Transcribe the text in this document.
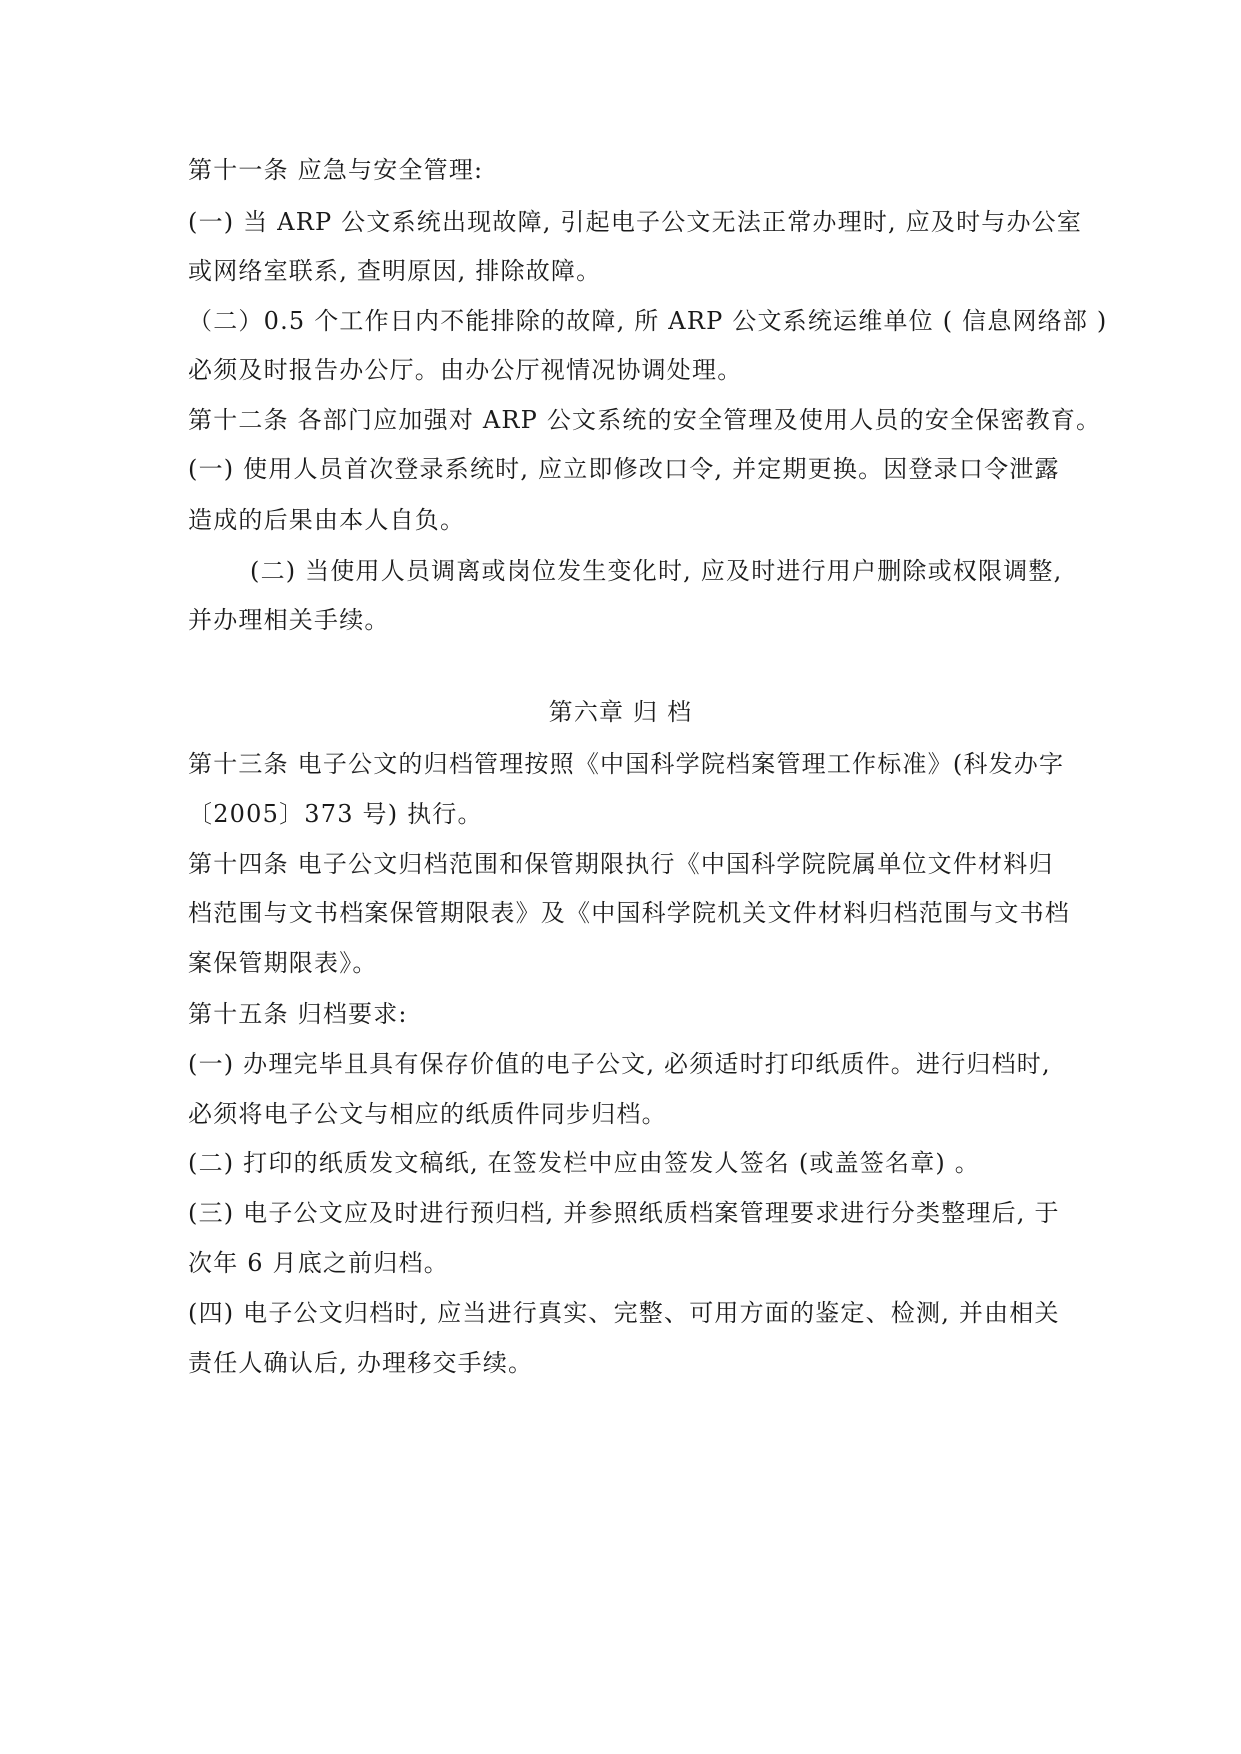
第十一条 应急与安全管理:
(一) 当 ARP 公文系统出现故障, 引起电子公文无法正常办理时, 应及时与办公室
或网络室联系, 查明原因, 排除故障。
（二）0.5 个工作日内不能排除的故障, 所 ARP 公文系统运维单位 ( 信息网络部 )
必须及时报告办公厅。由办公厅视情况协调处理。
第十二条 各部门应加强对 ARP 公文系统的安全管理及使用人员的安全保密教育。
(一) 使用人员首次登录系统时, 应立即修改口令, 并定期更换。因登录口令泄露
造成的后果由本人自负。
(二) 当使用人员调离或岗位发生变化时, 应及时进行用户删除或权限调整,
并办理相关手续。
第六章 归 档
第十三条 电子公文的归档管理按照《中国科学院档案管理工作标准》(科发办字
〔2005〕373 号) 执行。
第十四条 电子公文归档范围和保管期限执行《中国科学院院属单位文件材料归
档范围与文书档案保管期限表》及《中国科学院机关文件材料归档范围与文书档
案保管期限表》。
第十五条 归档要求:
(一) 办理完毕且具有保存价值的电子公文, 必须适时打印纸质件。进行归档时,
必须将电子公文与相应的纸质件同步归档。
(二) 打印的纸质发文稿纸, 在签发栏中应由签发人签名 (或盖签名章) 。
(三) 电子公文应及时进行预归档, 并参照纸质档案管理要求进行分类整理后, 于
次年 6 月底之前归档。
(四) 电子公文归档时, 应当进行真实、完整、可用方面的鉴定、检测, 并由相关
责任人确认后, 办理移交手续。
